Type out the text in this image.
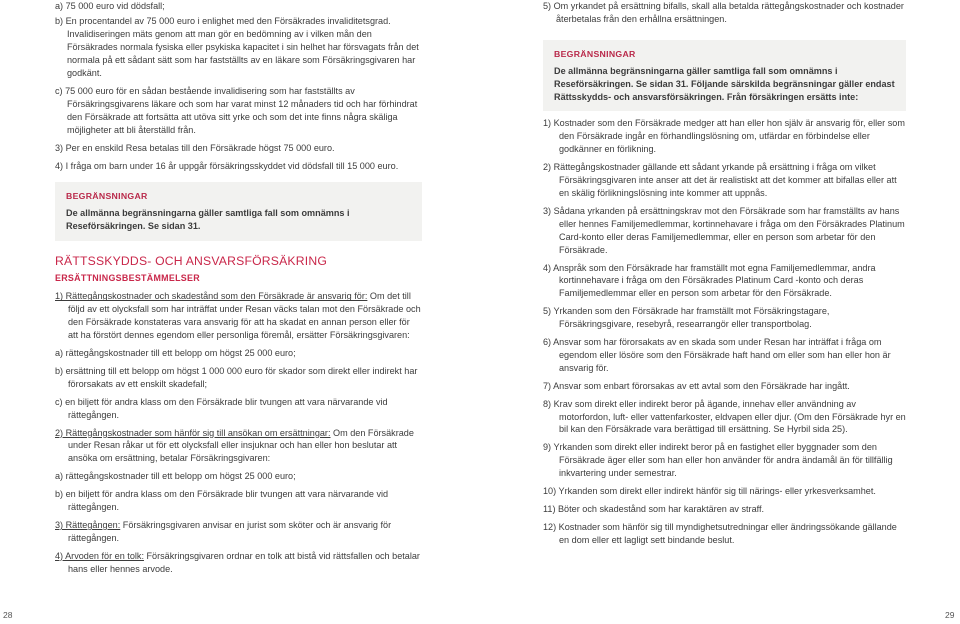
a) 75 000 euro vid dödsfall;

b) En procentandel av 75 000 euro i enlighet med den Försäkrades invaliditetsgrad. Invalidiseringen mäts genom att man gör en bedömning av i vilken mån den Försäkrades normala fysiska eller psykiska kapacitet i sin helhet har försvagats från det normala på ett sådant sätt som har fastställts av en läkare som Försäkringsgivaren har godkänt.

c) 75 000 euro för en sådan bestående invalidisering som har fastställts av Försäkringsgivarens läkare och som har varat minst 12 månaders tid och har förhindrat den Försäkrade att fortsätta att utöva sitt yrke och som det inte finns några skäliga möjligheter att bli återställd från.

3) Per en enskild Resa betalas till den Försäkrade högst 75 000 euro.

4) I fråga om barn under 16 år uppgår försäkringsskyddet vid dödsfall till 15 000 euro.

BEGRÄNSNINGAR
De allmänna begränsningarna gäller samtliga fall som omnämns i Reseförsäkringen. Se sidan 31.
RÄTTSSKYDDS- OCH ANSVARSFÖRSÄKRING
ERSÄTTNINGSBESTÄMMELSER

1) Rättegångskostnader och skadestånd som den Försäkrade är ansvarig för: Om det till följd av ett olycksfall som har inträffat under Resan väcks talan mot den Försäkrade och den Försäkrade konstateras vara ansvarig för att ha skadat en annan person eller för att ha förstört dennes egendom eller personliga föremål, ersätter Försäkringsgivaren:

a) rättegångskostnader till ett belopp om högst 25 000 euro;

b) ersättning till ett belopp om högst 1 000 000 euro för skador som direkt eller indirekt har förorsakats av ett enskilt skadefall;

c) en biljett för andra klass om den Försäkrade blir tvungen att vara närvarande vid rättegången.

2) Rättegångskostnader som hänför sig till ansökan om ersättningar: Om den Försäkrade under Resan råkar ut för ett olycksfall eller insjuknar och han eller hon beslutar att ansöka om ersättning, betalar Försäkringsgivaren:

a) rättegångskostnader till ett belopp om högst 25 000 euro;

b) en biljett för andra klass om den Försäkrade blir tvungen att vara närvarande vid rättegången.

3) Rättegången: Försäkringsgivaren anvisar en jurist som sköter och är ansvarig för rättegången.

4) Arvoden för en tolk: Försäkringsgivaren ordnar en tolk att bistå vid rättsfallen och betalar hans eller hennes arvode.

5) Om yrkandet på ersättning bifalls, skall alla betalda rättegångskostnader och kostnader återbetalas från den erhållna ersättningen.

BEGRÄNSNINGAR
De allmänna begränsningarna gäller samtliga fall som omnämns i Reseförsäkringen. Se sidan 31. Följande särskilda begränsningar gäller endast Rättsskydds- och ansvarsförsäkringen. Från försäkringen ersätts inte:

1) Kostnader som den Försäkrade medger att han eller hon själv är ansvarig för, eller som den Försäkrade ingår en förhandlingslösning om, utfärdar en förbindelse eller godkänner en förlikning.

2) Rättegångskostnader gällande ett sådant yrkande på ersättning i fråga om vilket Försäkringsgivaren inte anser att det är realistiskt att det kommer att bifallas eller att en skälig förlikningslösning inte kommer att uppnås.

3) Sådana yrkanden på ersättningskrav mot den Försäkrade som har framställts av hans eller hennes Familjemedlemmar, kortinnehavare i fråga om den Försäkrades Platinum Card-konto eller deras Familjemedlemmar, eller en person som arbetar för den Försäkrade.

4) Anspråk som den Försäkrade har framställt mot egna Familjemedlemmar, andra kortinnehavare i fråga om den Försäkrades Platinum Card -konto och deras Familjemedlemmar eller en person som arbetar för den Försäkrade.

5) Yrkanden som den Försäkrade har framställt mot Försäkringstagare, Försäkringsgivare, resebyrå, researrangör eller transportbolag.

6) Ansvar som har förorsakats av en skada som under Resan har inträffat i fråga om egendom eller lösöre som den Försäkrade haft hand om eller som han eller hon är ansvarig för.

7) Ansvar som enbart förorsakas av ett avtal som den Försäkrade har ingått.

8) Krav som direkt eller indirekt beror på ägande, innehav eller användning av motorfordon, luft- eller vattenfarkoster, eldvapen eller djur. (Om den Försäkrade hyr en bil kan den Försäkrade vara berättigad till ersättning. Se Hyrbil sida 25).

9) Yrkanden som direkt eller indirekt beror på en fastighet eller byggnader som den Försäkrade äger eller som han eller hon använder för andra ändamål än för tillfällig inkvartering under semestrar.

10) Yrkanden som direkt eller indirekt hänför sig till närings- eller yrkesverksamhet.

11) Böter och skadestånd som har karaktären av straff.

12) Kostnader som hänför sig till myndighetsutredningar eller ändringssökande gällande en dom eller ett lagligt sett bindande beslut.

28	29
